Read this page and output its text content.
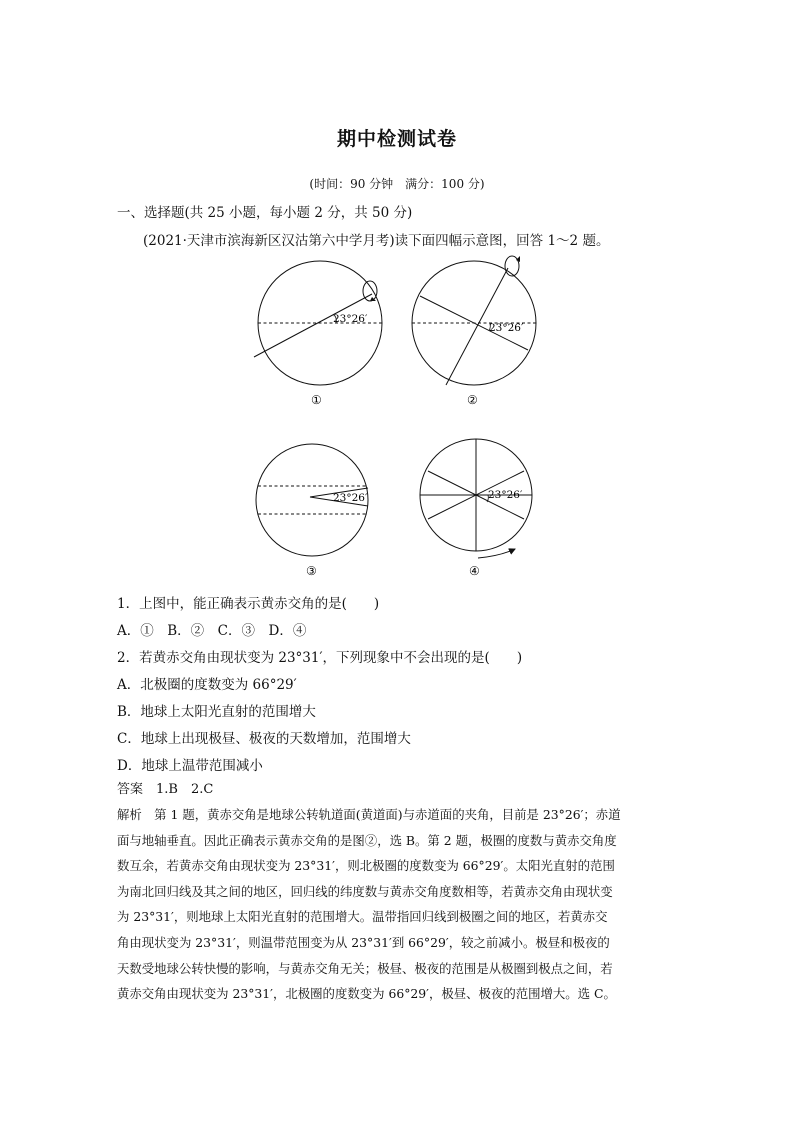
期中检测试卷
(时间：90 分钟　满分：100 分)
一、选择题(共 25 小题，每小题 2 分，共 50 分)
(2021·天津市滨海新区汉沽第六中学月考)读下面四幅示意图，回答 1～2 题。
23°26′
①
23°26′
②
23°26′
③
23°26′
④
1．上图中，能正确表示黄赤交角的是(　　)
A．①　B．②　C．③　D．④
2．若黄赤交角由现状变为 23°31′，下列现象中不会出现的是(　　)
A．北极圈的度数变为 66°29′
B．地球上太阳光直射的范围增大
C．地球上出现极昼、极夜的天数增加，范围增大
D．地球上温带范围减小
答案　1.B　2.C
解析　第 1 题，黄赤交角是地球公转轨道面(黄道面)与赤道面的夹角，目前是 23°26′；赤道
面与地轴垂直。因此正确表示黄赤交角的是图②，选 B。第 2 题，极圈的度数与黄赤交角度
数互余，若黄赤交角由现状变为 23°31′，则北极圈的度数变为 66°29′。太阳光直射的范围
为南北回归线及其之间的地区，回归线的纬度数与黄赤交角度数相等，若黄赤交角由现状变
为 23°31′，则地球上太阳光直射的范围增大。温带指回归线到极圈之间的地区，若黄赤交
角由现状变为 23°31′，则温带范围变为从 23°31′到 66°29′，较之前减小。极昼和极夜的
天数受地球公转快慢的影响，与黄赤交角无关；极昼、极夜的范围是从极圈到极点之间，若
黄赤交角由现状变为 23°31′，北极圈的度数变为 66°29′，极昼、极夜的范围增大。选 C。
